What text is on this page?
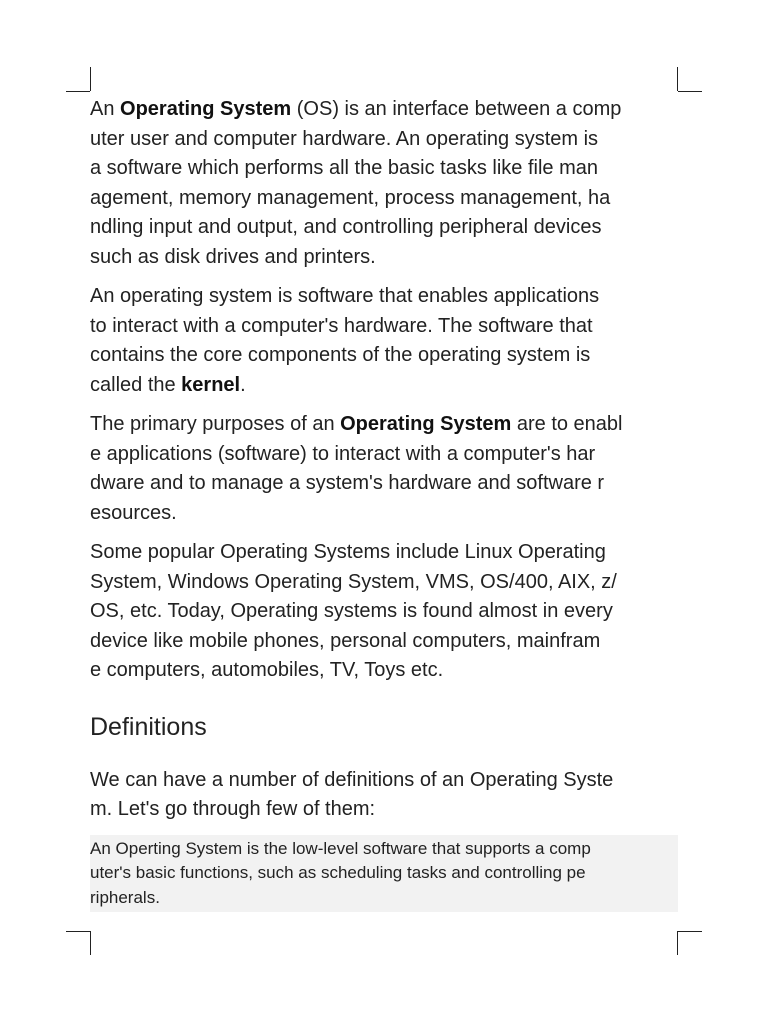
An Operating System (OS) is an interface between a comp
uter user and computer hardware. An operating system is
a software which performs all the basic tasks like file man
agement, memory management, process management, ha
ndling input and output, and controlling peripheral devices
such as disk drives and printers.
An operating system is software that enables applications
to interact with a computer's hardware. The software that
contains the core components of the operating system is
called the kernel.
The primary purposes of an Operating System are to enabl
e applications (software) to interact with a computer's har
dware and to manage a system's hardware and software r
esources.
Some popular Operating Systems include Linux Operating
System, Windows Operating System, VMS, OS/400, AIX, z/
OS, etc. Today, Operating systems is found almost in every
device like mobile phones, personal computers, mainfram
e computers, automobiles, TV, Toys etc.
Definitions
We can have a number of definitions of an Operating Syste
m. Let's go through few of them:
An Operting System is the low-level software that supports a comp
uter's basic functions, such as scheduling tasks and controlling pe
ripherals.
